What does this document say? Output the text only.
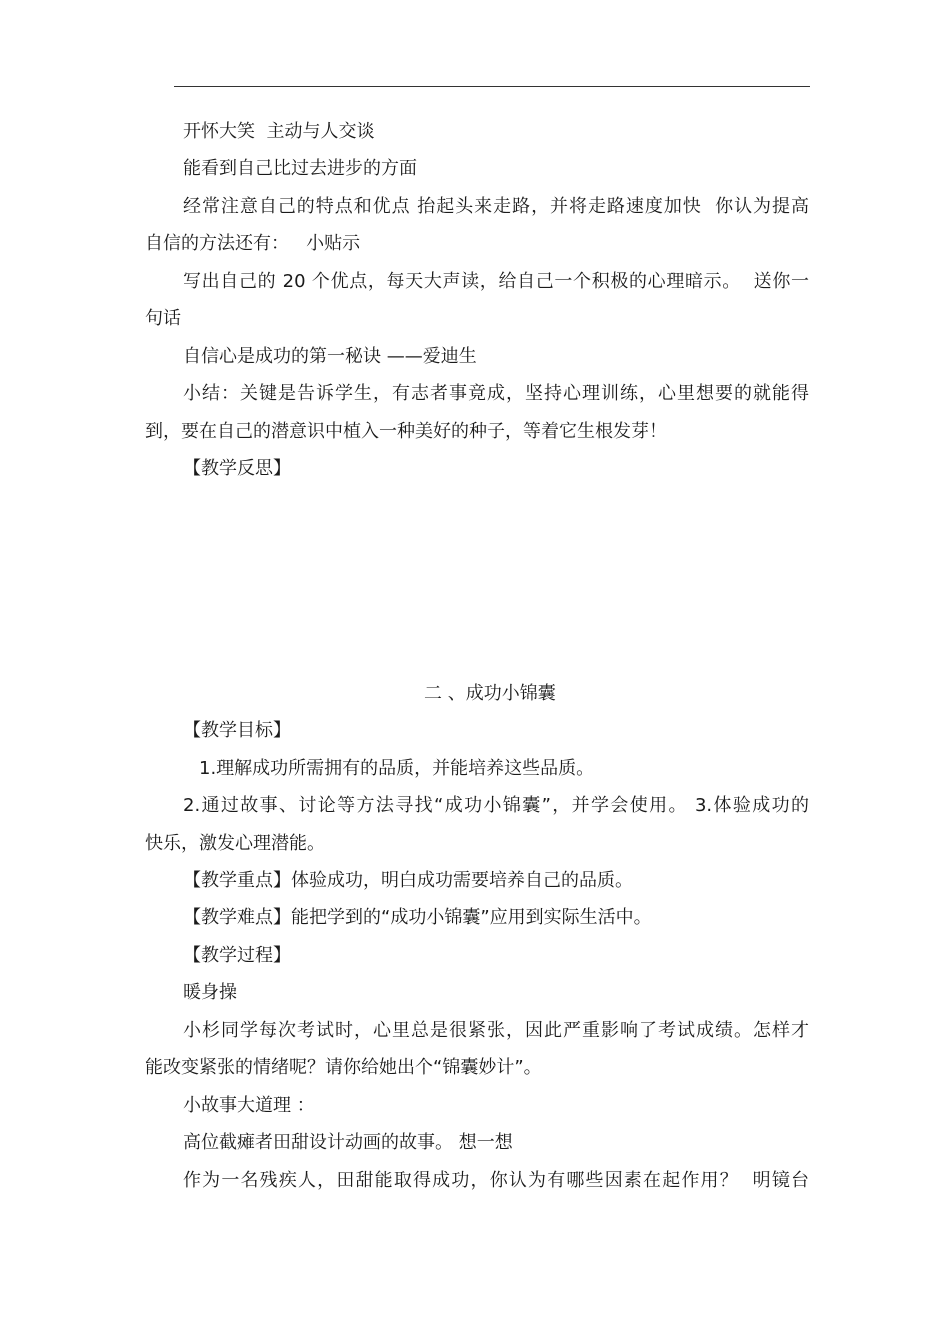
开怀大笑  主动与人交谈
能看到自己比过去进步的方面
经常注意自己的特点和优点 抬起头来走路，并将走路速度加快  你认为提高
自信的方法还有：   小贴示
写出自己的 20 个优点，每天大声读，给自己一个积极的心理暗示。  送你一
句话
自信心是成功的第一秘诀 ——爱迪生
小结：关键是告诉学生，有志者事竟成，坚持心理训练，心里想要的就能得
到，要在自己的潜意识中植入一种美好的种子，等着它生根发芽！
【教学反思】
二 、成功小锦囊
【教学目标】
1.理解成功所需拥有的品质，并能培养这些品质。
2.通过故事、讨论等方法寻找“成功小锦囊”，并学会使用。 3.体验成功的
快乐，激发心理潜能。
【教学重点】体验成功，明白成功需要培养自己的品质。
【教学难点】能把学到的“成功小锦囊”应用到实际生活中。
【教学过程】
暖身操
小杉同学每次考试时，心里总是很紧张，因此严重影响了考试成绩。怎样才
能改变紧张的情绪呢？请你给她出个“锦囊妙计”。
小故事大道理 ：
高位截瘫者田甜设计动画的故事。 想一想
作为一名残疾人，田甜能取得成功，你认为有哪些因素在起作用？  明镜台
